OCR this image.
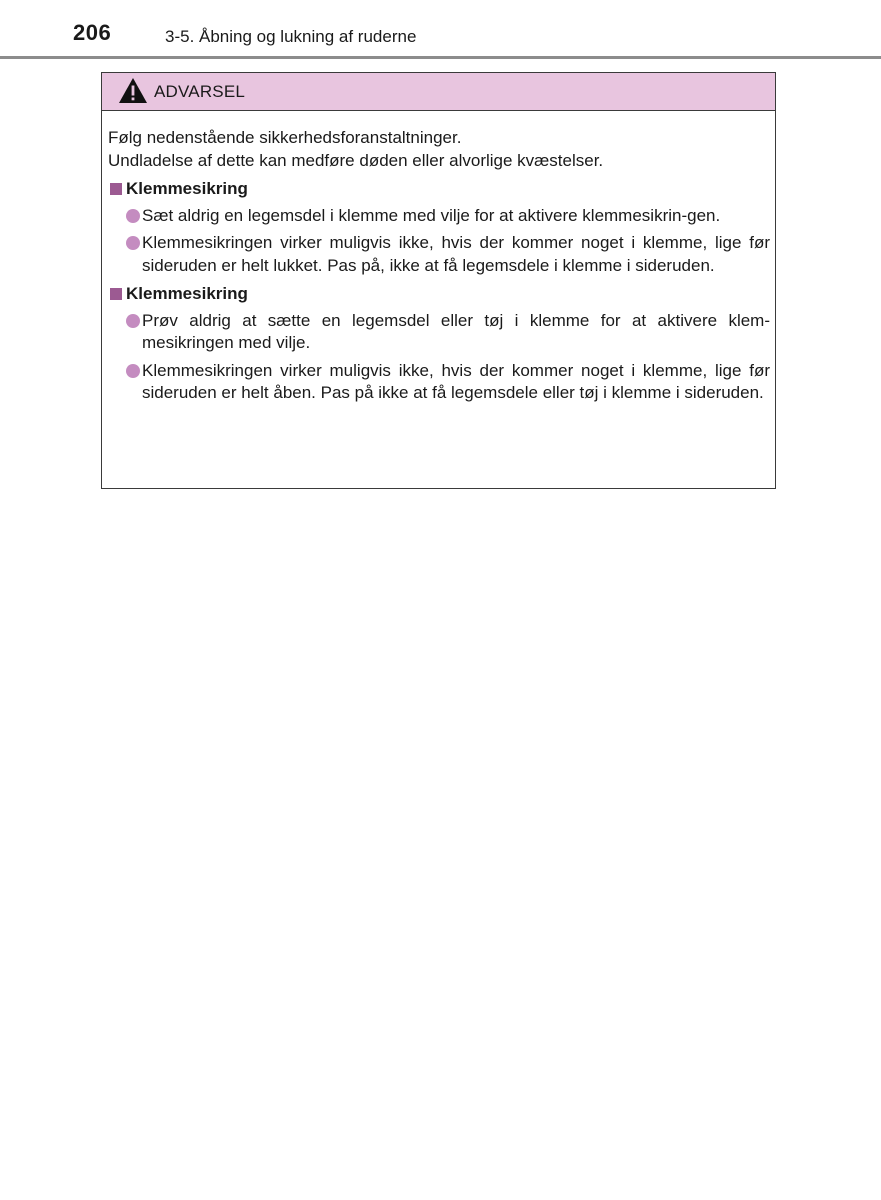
206	3-5. Åbning og lukning af ruderne
ADVARSEL

Følg nedenstående sikkerhedsforanstaltninger.

Undladelse af dette kan medføre døden eller alvorlige kvæstelser.

Klemmesikring
Sæt aldrig en legemsdel i klemme med vilje for at aktivere klemmesikrin-gen.
Klemmesikringen virker muligvis ikke, hvis der kommer noget i klemme, lige før sideruden er helt lukket. Pas på, ikke at få legemsdele i klemme i sideruden.
Klemmesikring
Prøv aldrig at sætte en legemsdel eller tøj i klemme for at aktivere klem-mesikringen med vilje.
Klemmesikringen virker muligvis ikke, hvis der kommer noget i klemme, lige før sideruden er helt åben. Pas på ikke at få legemsdele eller tøj i klemme i sideruden.
